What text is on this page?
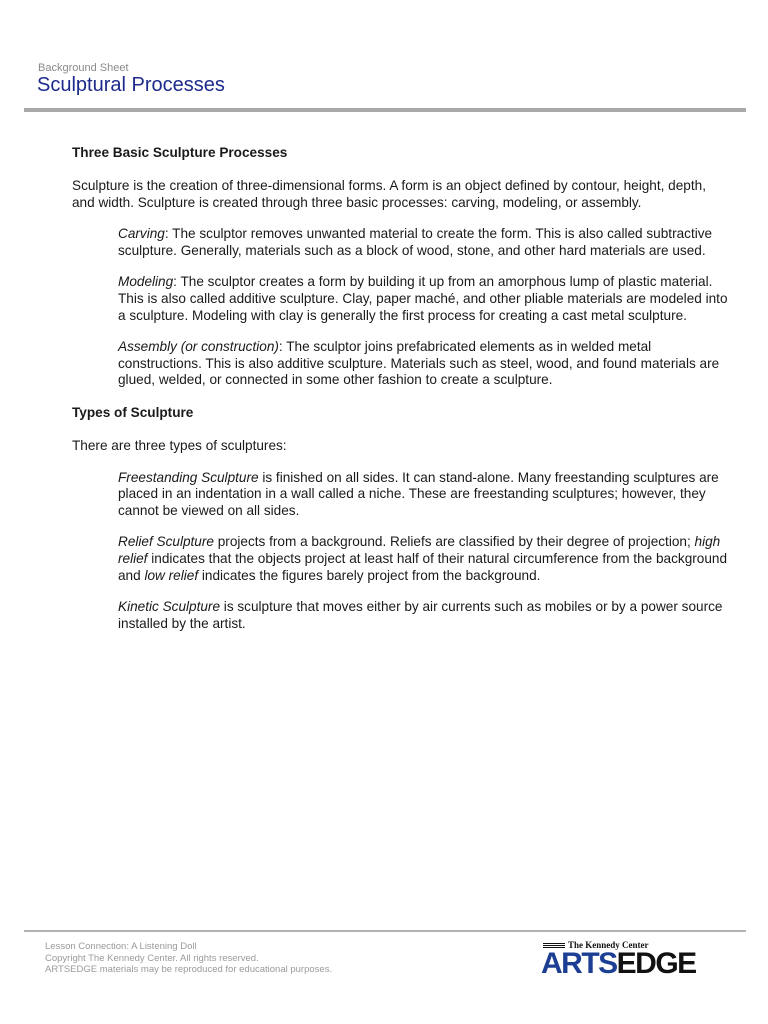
Background Sheet
Sculptural Processes
Three Basic Sculpture Processes

Sculpture is the creation of three-dimensional forms. A form is an object defined by contour, height, depth, and width. Sculpture is created through three basic processes: carving, modeling, or assembly.

Carving: The sculptor removes unwanted material to create the form. This is also called subtractive sculpture. Generally, materials such as a block of wood, stone, and other hard materials are used.

Modeling: The sculptor creates a form by building it up from an amorphous lump of plastic material. This is also called additive sculpture. Clay, paper maché, and other pliable materials are modeled into a sculpture. Modeling with clay is generally the first process for creating a cast metal sculpture.

Assembly (or construction): The sculptor joins prefabricated elements as in welded metal constructions. This is also additive sculpture. Materials such as steel, wood, and found materials are glued, welded, or connected in some other fashion to create a sculpture.

Types of Sculpture

There are three types of sculptures:

Freestanding Sculpture is finished on all sides. It can stand-alone. Many freestanding sculptures are placed in an indentation in a wall called a niche. These are freestanding sculptures; however, they cannot be viewed on all sides.

Relief Sculpture projects from a background. Reliefs are classified by their degree of projection; high relief indicates that the objects project at least half of their natural circumference from the background and low relief indicates the figures barely project from the background.

Kinetic Sculpture is sculpture that moves either by air currents such as mobiles or by a power source installed by the artist.

Lesson Connection: A Listening Doll
Copyright The Kennedy Center. All rights reserved.
ARTSEDGE materials may be reproduced for educational purposes.
The Kennedy Center
ARTSEDGE
